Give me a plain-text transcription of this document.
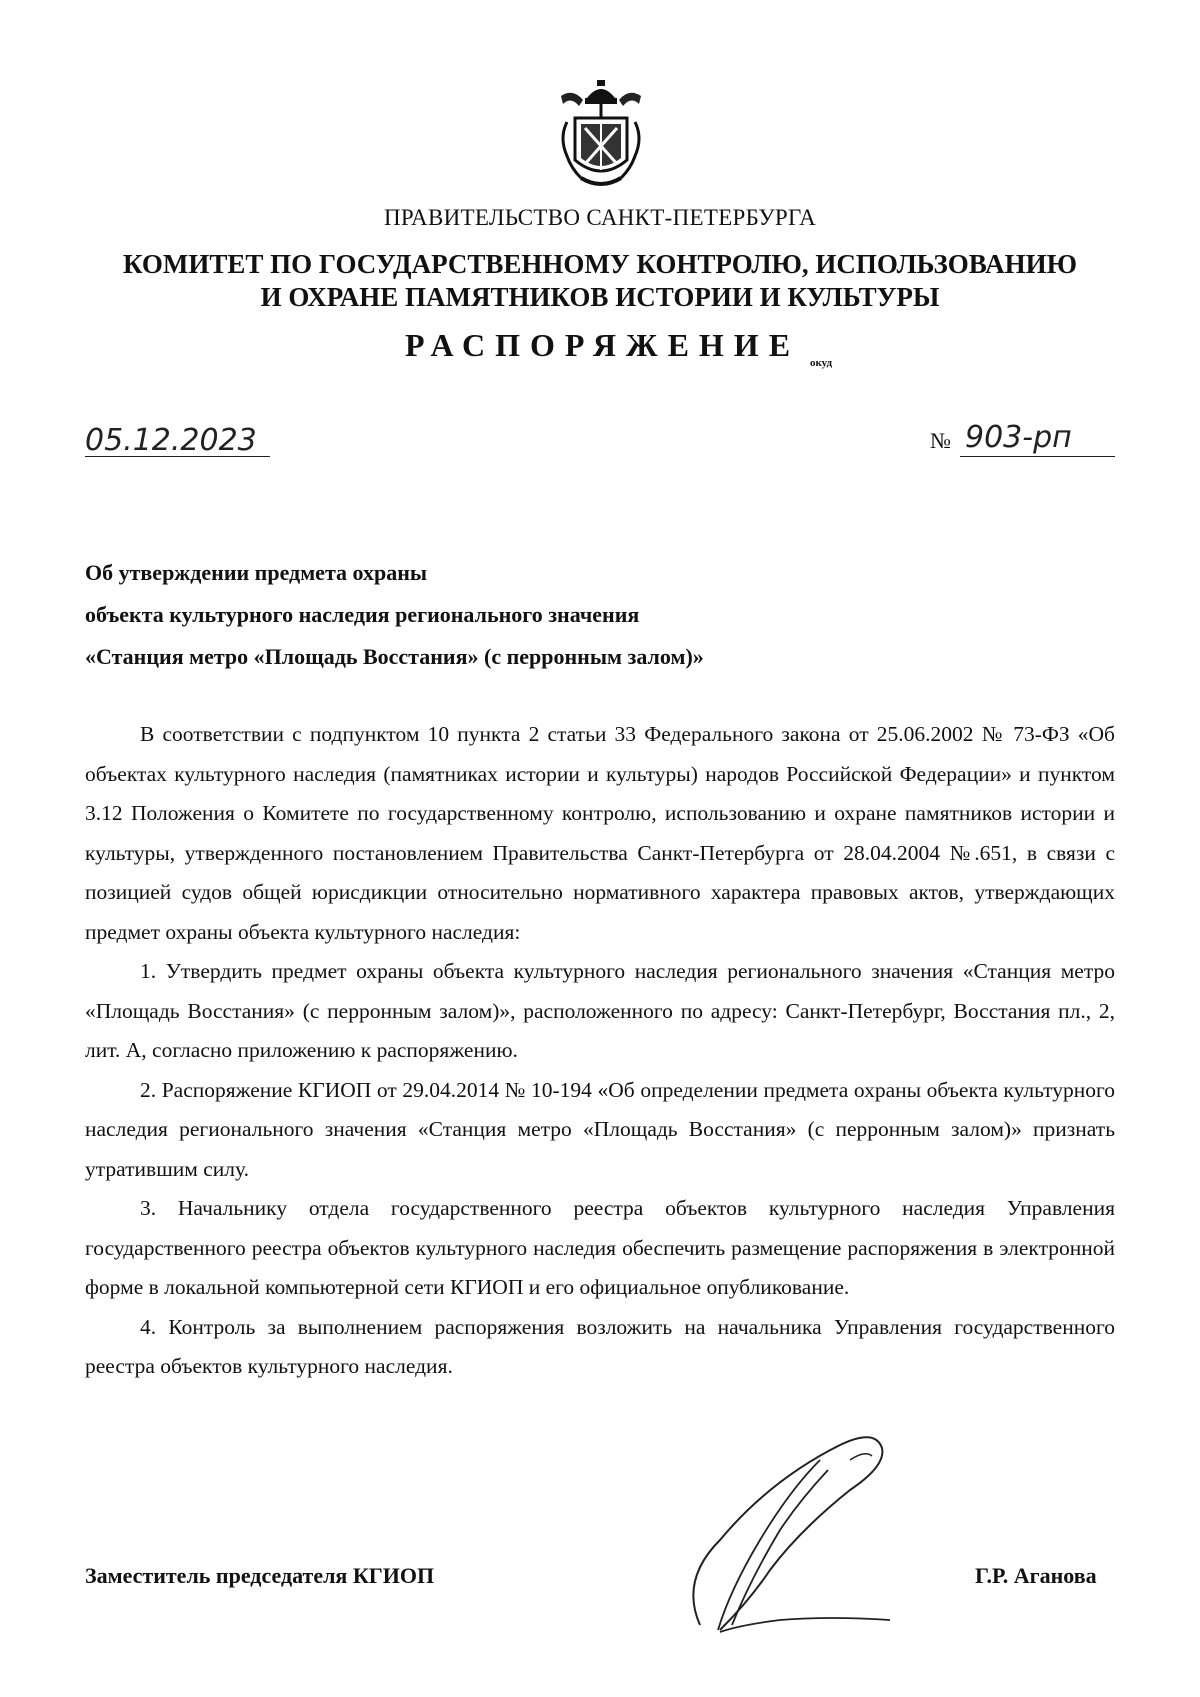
ПРАВИТЕЛЬСТВО САНКТ-ПЕТЕРБУРГА
КОМИТЕТ ПО ГОСУДАРСТВЕННОМУ КОНТРОЛЮ, ИСПОЛЬЗОВАНИЮ
И ОХРАНЕ ПАМЯТНИКОВ ИСТОРИИ И КУЛЬТУРЫ
РАСПОРЯЖЕНИЕ окуд
05.12.2023	№ 903-рп
Об утверждении предмета охраны
объекта культурного наследия регионального значения
«Станция метро «Площадь Восстания» (с перронным залом)»

В соответствии с подпунктом 10 пункта 2 статьи 33 Федерального закона от 25.06.2002 № 73-ФЗ «Об объектах культурного наследия (памятниках истории и культуры) народов Российской Федерации» и пунктом 3.12 Положения о Комитете по государственному контролю, использованию и охране памятников истории и культуры, утвержденного постановлением Правительства Санкт-Петербурга от 28.04.2004 №.651, в связи с позицией судов общей юрисдикции относительно нормативного характера правовых актов, утверждающих предмет охраны объекта культурного наследия:

1. Утвердить предмет охраны объекта культурного наследия регионального значения «Станция метро «Площадь Восстания» (с перронным залом)», расположенного по адресу: Санкт-Петербург, Восстания пл., 2, лит. А, согласно приложению к распоряжению.

2. Распоряжение КГИОП от 29.04.2014 № 10-194 «Об определении предмета охраны объекта культурного наследия регионального значения «Станция метро «Площадь Восстания» (с перронным залом)» признать утратившим силу.

3. Начальнику отдела государственного реестра объектов культурного наследия Управления государственного реестра объектов культурного наследия обеспечить размещение распоряжения в электронной форме в локальной компьютерной сети КГИОП и его официальное опубликование.

4. Контроль за выполнением распоряжения возложить на начальника Управления государственного реестра объектов культурного наследия.

Заместитель председателя КГИОП	Г.Р. Аганова
